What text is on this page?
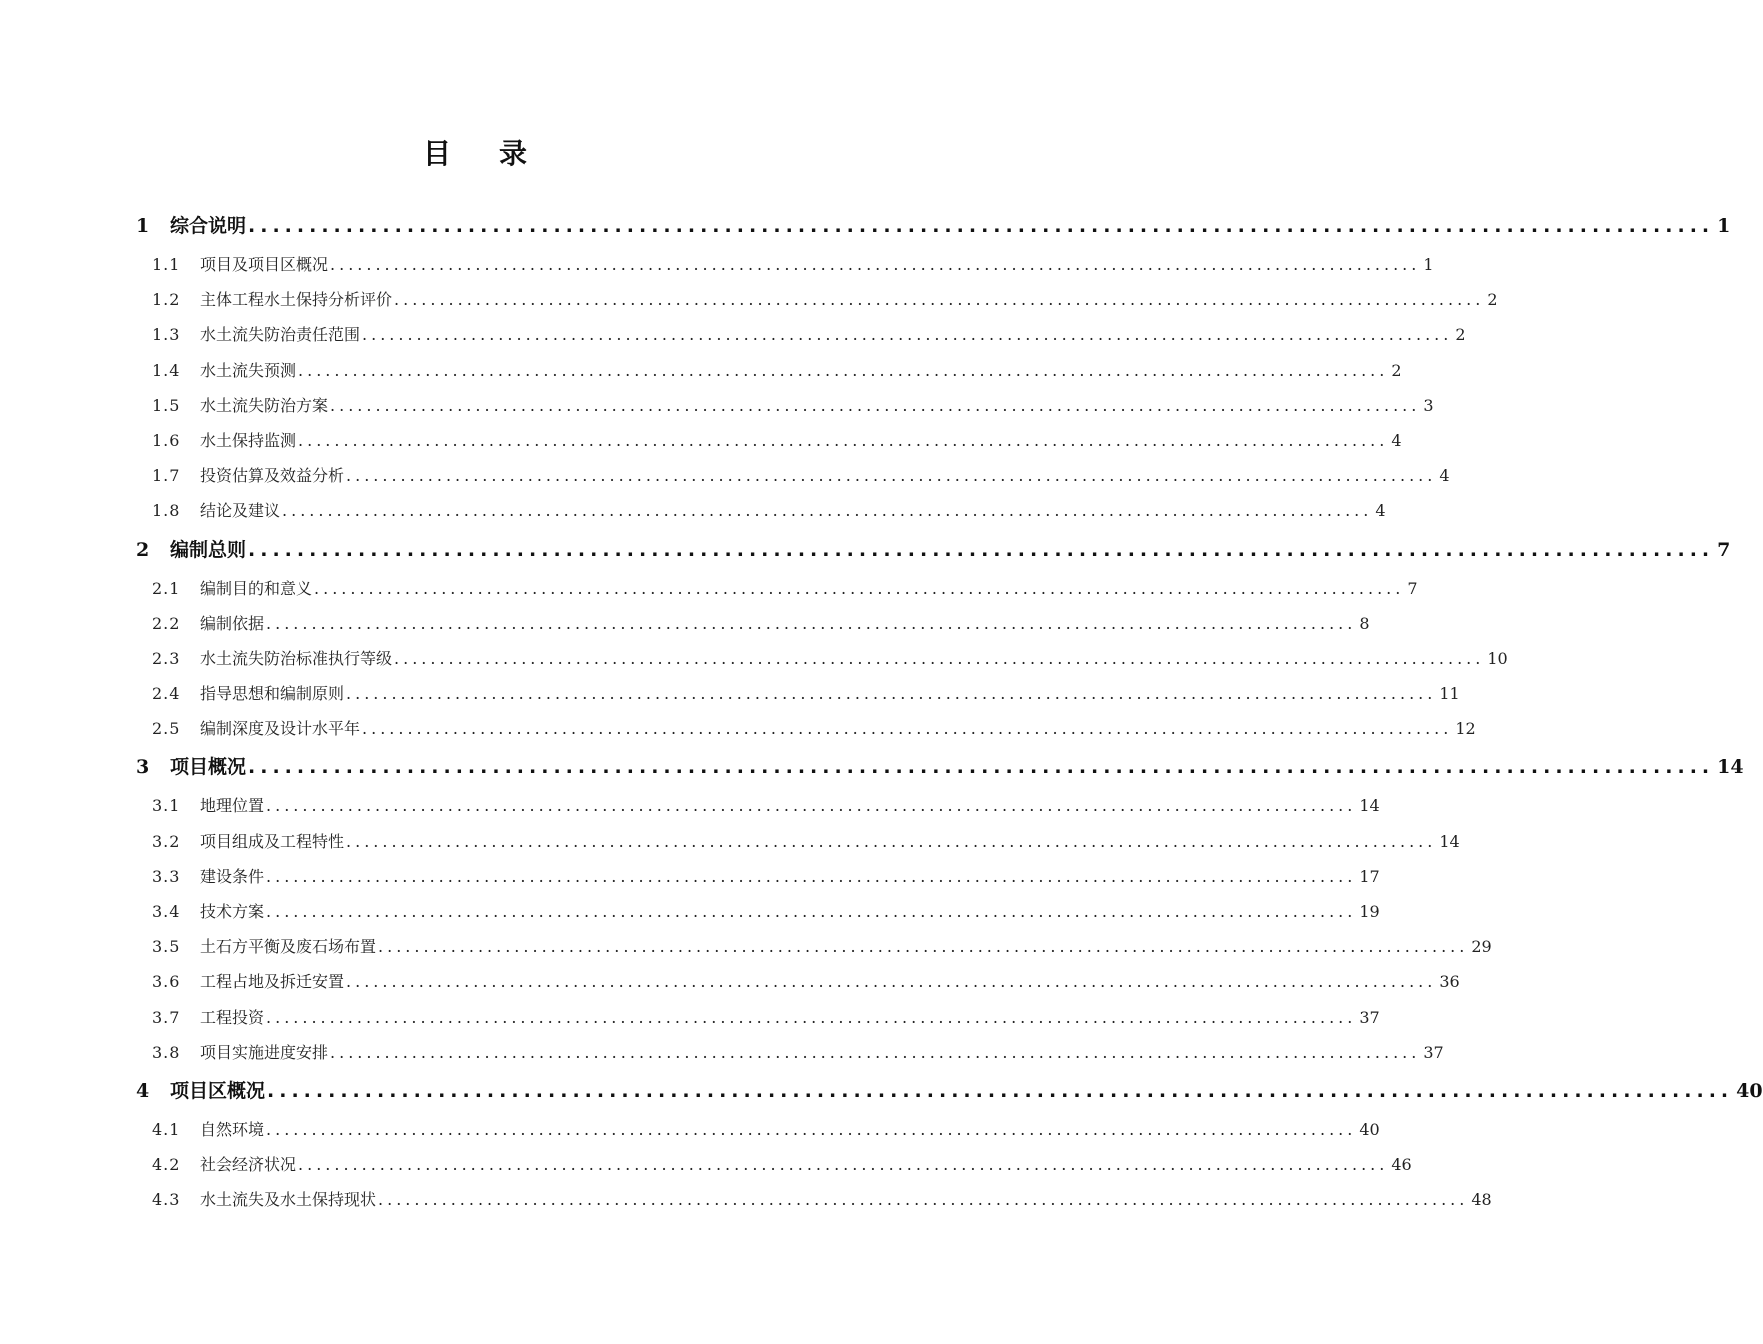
目 录
1	综合说明 ........................................................................................................................ 1
1.1	项目及项目区概况 ........................................................................................................................ 1
1.2	主体工程水土保持分析评价 ........................................................................................................................ 2
1.3	水土流失防治责任范围 ........................................................................................................................ 2
1.4	水土流失预测 ........................................................................................................................ 2
1.5	水土流失防治方案 ........................................................................................................................ 3
1.6	水土保持监测 ........................................................................................................................ 4
1.7	投资估算及效益分析 ........................................................................................................................ 4
1.8	结论及建议 ........................................................................................................................ 4
2	编制总则 ........................................................................................................................ 7
2.1	编制目的和意义 ........................................................................................................................ 7
2.2	编制依据 ........................................................................................................................ 8
2.3	水土流失防治标准执行等级 ........................................................................................................................ 10
2.4	指导思想和编制原则 ........................................................................................................................ 11
2.5	编制深度及设计水平年 ........................................................................................................................ 12
3	项目概况 ........................................................................................................................ 14
3.1	地理位置 ........................................................................................................................ 14
3.2	项目组成及工程特性 ........................................................................................................................ 14
3.3	建设条件 ........................................................................................................................ 17
3.4	技术方案 ........................................................................................................................ 19
3.5	土石方平衡及废石场布置 ........................................................................................................................ 29
3.6	工程占地及拆迁安置 ........................................................................................................................ 36
3.7	工程投资 ........................................................................................................................ 37
3.8	项目实施进度安排 ........................................................................................................................ 37
4	项目区概况 ........................................................................................................................ 40
4.1	自然环境 ........................................................................................................................ 40
4.2	社会经济状况 ........................................................................................................................ 46
4.3	水土流失及水土保持现状 ........................................................................................................................ 48
